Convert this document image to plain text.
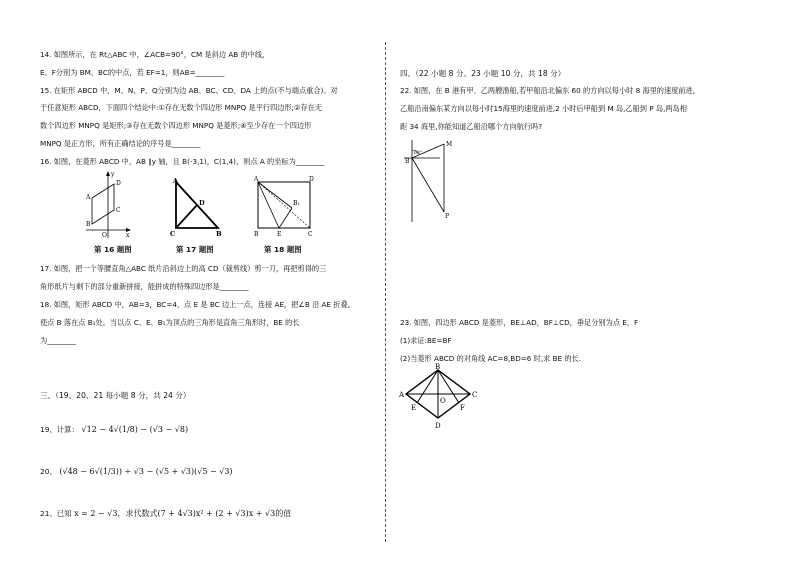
14. 如图所示，在 Rt△ABC 中，∠ACB=90°，CM 是斜边 AB 的中线，
E、F分别为 BM、BC的中点，若 EF=1，则AB=________
15. 在矩形 ABCD 中，M、N、P、Q分别为边 AB、BC、CD、DA 上的点(不与端点重合)。对
于任意矩形 ABCD，下面四个结论中:①存在无数个四边形 MNPQ 是平行四边形;②存在无
数个四边形 MNPQ 是矩形;③存在无数个四边形 MNPQ 是菱形;④至少存在一个四边形
MNPQ 是正方形，所有正确结论的序号是________
16. 如图，在菱形 ABCD 中，AB ∥y 轴，且 B(-3,1)，C(1,4)，则点 A 的坐标为________
y
D
A
C
B
O	x
A
D
C	B
A	D
B₁
B	E	C
第 16 题图	第 17 题图	第 18 题图
17. 如图，把一个等腰直角△ABC 纸片沿斜边上的高 CD（裁剪线）剪一刀，再把剪得的三
角形纸片与剩下的部分重新拼接，能拼成的特殊四边形是________
18. 如图，矩形 ABCD 中，AB=3，BC=4，点 E 是 BC 边上一点，连接 AE，把∠B 沿 AE 折叠，
使点 B 落在点 B₁处。当以点 C、E、B₁为顶点的三角形是直角三角形时，BE 的长
为________
三、（19、20、21 每小题 8 分，共 24 分）
19、计算： √12 − 4√(1/8) − (√3 − √8)
20、 (√48 − 6√(1/3)) ÷ √3 − (√5 + √3)(√5 − √3)
21、已知 x = 2 − √3，求代数式(7 + 4√3)x² + (2 + √3)x + √3的值
四、（22 小题 8 分、23 小题 10 分，共 18 分）
22. 如图，在 B 港有甲、乙两艘渔船,若甲船沿北偏东 60 的方向以每小时 8 海里的速度前进，
乙船沿南偏东某方向以每小时15海里的速度前进,2 小时后甲船到 M 岛,乙船到 P 岛,两岛相
距 34 海里,你能知道乙船沿哪个方向航行吗?
M
B
60°
P
23. 如图，四边形 ABCD 是菱形，BE⊥AD，BF⊥CD，垂足分别为点 E，F
(1)求证:BE=BF
(2)当菱形 ABCD 的对角线 AC=8,BD=6 时,求 BE 的长.
B
A
O
C
E	F
D
